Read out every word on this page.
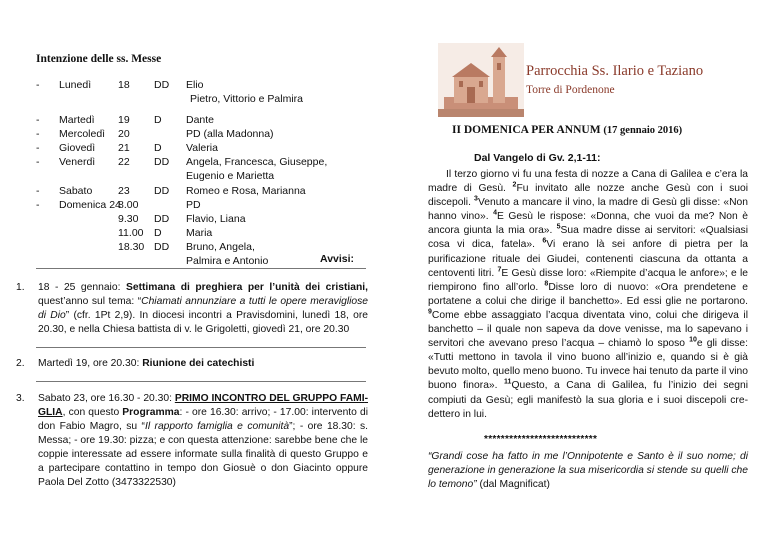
Intenzione delle ss. Messe
- Lunedì	18 DD Elio
Pietro, Vittorio e Palmira
- Martedì 19 D Dante
- Mercoledì 20	PD (alla Madonna)
- Giovedì 21 D Valeria
- Venerdì 22 DD Angela, Francesca, Giuseppe,
Eugenio e Marietta
- Sabato 23 DD Romeo e Rosa, Marianna
- Domenica 24
8.00	PD
9.30 DD Flavio, Liana
11.00 D Maria
18.30 DD Bruno, Angela,
Palmira e Antonio	Avvisi:
1. 18 - 25 gennaio: Settimana di preghiera per l’unità dei cristiani, quest’anno sul tema: “Chiamati annunziare a tutti le opere meravigliose di Dio” (cfr. 1Pt 2,9). In diocesi incontri a Pravisdomini, lunedì 18, ore 20.30, e nella Chiesa battista di v. le Grigoletti, giovedì 21, ore 20.30
2. Martedì 19, ore 20.30: Riunione dei catechisti
3. Sabato 23, ore 16.30 - 20.30: PRIMO INCONTRO DEL GRUPPO FAMIGLIA, con questo Programma: - ore 16.30: arrivo; - 17.00: intervento di don Fabio Magro, su “Il rapporto famiglia e comunità”; - ore 18.30: s. Messa; - ore 19.30: pizza; e con questa attenzione: sarebbe bene che le coppie interessate ad essere informate sulla finalità di questo Gruppo e a partecipare contattino in tempo don Giosuè o don Giacinto oppure Paola Del Zotto (3473322530)
Parrocchia Ss. Ilario e Taziano
Torre di Pordenone
II DOMENICA PER ANNUM (17 gennaio 2016)
Dal Vangelo di Gv. 2,1-11:
Il terzo giorno vi fu una festa di nozze a Cana di Galilea e c’era la madre di Gesù. $^2$Fu invitato alle nozze anche Gesù con i suoi discepoli. $^3$Venuto a mancare il vino, la madre di Gesù gli disse: «Non hanno vino». $^4$E Gesù le rispose: «Donna, che vuoi da me? Non è ancora giunta la mia ora». $^5$Sua madre disse ai servitori: «Qualsiasi cosa vi dica, fatela». $^6$Vi erano là sei anfore di pietra per la purificazione rituale dei Giudei, contenenti ciascuna da ottanta a centoventi litri. $^7$E Gesù disse loro: «Riempite d’acqua le anfore»; e le riempirono fino all’orlo. $^8$Disse loro di nuovo: «Ora prendetene e portatene a colui che dirige il banchetto». Ed essi glie ne portarono. $^9$Come ebbe assaggiato l’acqua diventata vino, colui che dirigeva il banchetto – il quale non sapeva da dove venisse, ma lo sapevano i servitori che avevano preso l’acqua – chiamò lo sposo $^{10}$e gli disse: «Tutti mettono in tavola il vino buono all’inizio e, quando si è già bevuto molto, quello meno buono. Tu invece hai tenuto da parte il vino buono finora». $^{11}$Questo, a Cana di Galilea, fu l’inizio dei segni compiuti da Gesù; egli manifestò la sua gloria e i suoi discepoli credettero in lui.
***************************
“Grandi cose ha fatto in me l’Onnipotente e Santo è il suo nome; di generazione in generazione la sua misericordia si stende su quelli che lo temono” (dal Magnificat)
